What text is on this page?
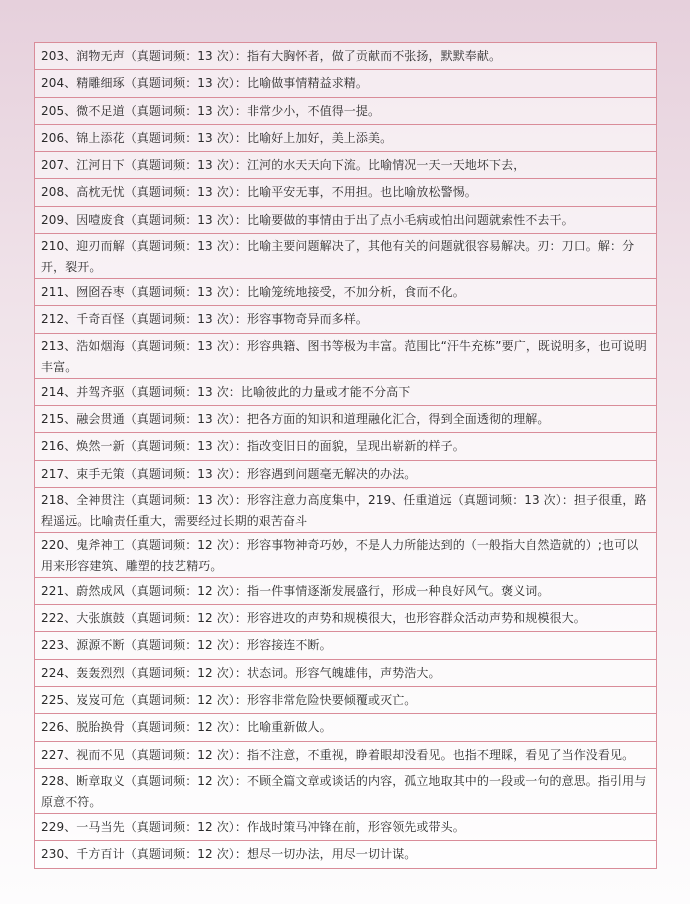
203、润物无声（真题词频：13 次）：指有大胸怀者，做了贡献而不张扬，默默奉献。
204、精雕细琢（真题词频：13 次）：比喻做事情精益求精。
205、微不足道（真题词频：13 次）：非常少小，不值得一提。
206、锦上添花（真题词频：13 次）：比喻好上加好，美上添美。
207、江河日下（真题词频：13 次）：江河的水天天向下流。比喻情况一天一天地坏下去，
208、高枕无忧（真题词频：13 次）：比喻平安无事，不用担。也比喻放松警惕。
209、因噎废食（真题词频：13 次）：比喻要做的事情由于出了点小毛病或怕出问题就索性不去干。
210、迎刃而解（真题词频：13 次）：比喻主要问题解决了，其他有关的问题就很容易解决。刃：刀口。解：分开，裂开。
211、囫囵吞枣（真题词频：13 次）：比喻笼统地接受，不加分析，食而不化。
212、千奇百怪（真题词频：13 次）：形容事物奇异而多样。
213、浩如烟海（真题词频：13 次）：形容典籍、图书等极为丰富。范围比“汗牛充栋”要广，既说明多，也可说明丰富。
214、并驾齐驱（真题词频：13 次：比喻彼此的力量或才能不分高下
215、融会贯通（真题词频：13 次）：把各方面的知识和道理融化汇合，得到全面透彻的理解。
216、焕然一新（真题词频：13 次）：指改变旧日的面貌，呈现出崭新的样子。
217、束手无策（真题词频：13 次）：形容遇到问题毫无解决的办法。
218、全神贯注（真题词频：13 次）：形容注意力高度集中，219、任重道远（真题词频：13 次）：担子很重，路程遥远。比喻责任重大，需要经过长期的艰苦奋斗
220、鬼斧神工（真题词频：12 次）：形容事物神奇巧妙，不是人力所能达到的（一般指大自然造就的）;也可以用来形容建筑、雕塑的技艺精巧。
221、蔚然成风（真题词频：12 次）：指一件事情逐渐发展盛行，形成一种良好风气。褒义词。
222、大张旗鼓（真题词频：12 次）：形容进攻的声势和规模很大，也形容群众活动声势和规模很大。
223、源源不断（真题词频：12 次）：形容接连不断。
224、轰轰烈烈（真题词频：12 次）：状态词。形容气魄雄伟，声势浩大。
225、岌岌可危（真题词频：12 次）：形容非常危险快要倾覆或灭亡。
226、脱胎换骨（真题词频：12 次）：比喻重新做人。
227、视而不见（真题词频：12 次）：指不注意，不重视，睁着眼却没看见。也指不理睬，看见了当作没看见。
228、断章取义（真题词频：12 次）：不顾全篇文章或谈话的内容，孤立地取其中的一段或一句的意思。指引用与原意不符。
229、一马当先（真题词频：12 次）：作战时策马冲锋在前，形容领先或带头。
230、千方百计（真题词频：12 次）：想尽一切办法，用尽一切计谋。
